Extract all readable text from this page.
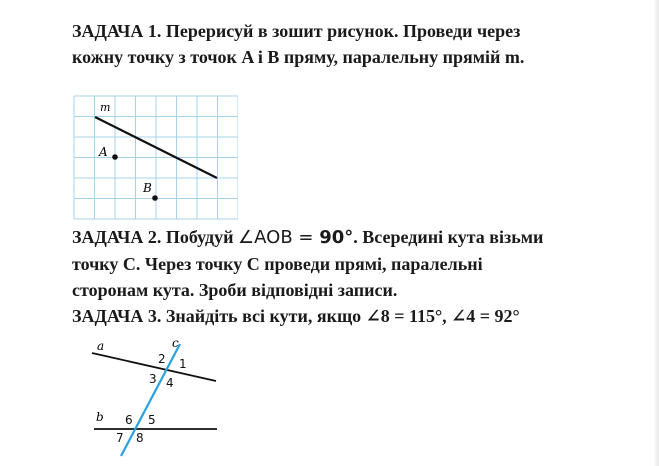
ЗАДАЧА 1. Перерисуй в зошит рисунок. Проведи через
кожну точку з точок A і B пряму, паралельну прямій m.
m
A
B
ЗАДАЧА 2. Побудуй ∠AOB = 90°. Всередині кута візьми
точку C. Через точку C проведи прямі, паралельні
сторонам кута. Зроби відповідні записи.
ЗАДАЧА 3. Знайдіть всі кути, якщо ∠8 = 115°, ∠4 = 92°
a
b
c
1
2
3 4
5
6
7 8
